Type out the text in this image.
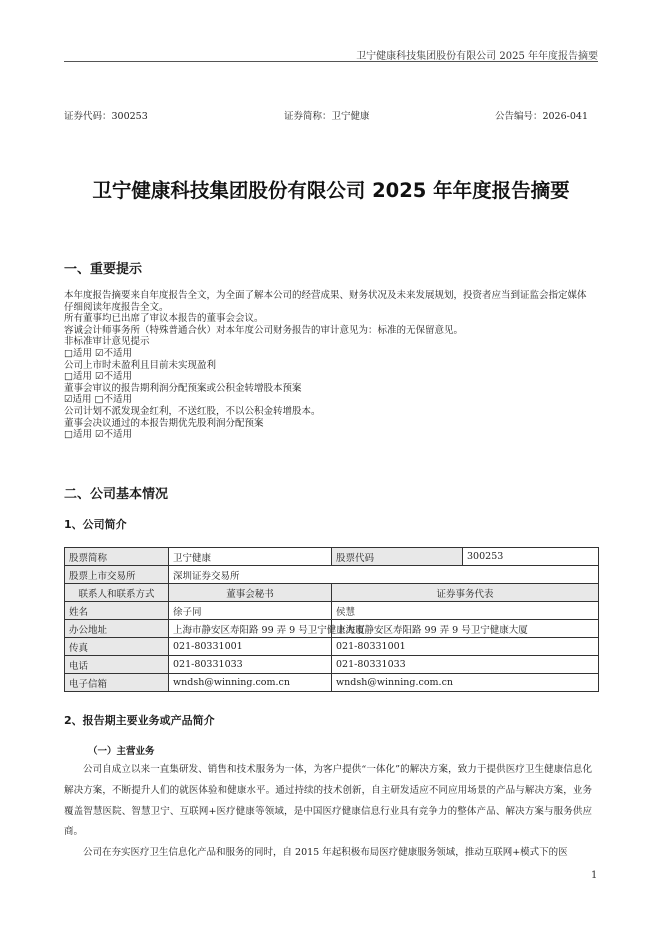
卫宁健康科技集团股份有限公司 2025 年年度报告摘要
证券代码：300253	证券简称：卫宁健康	公告编号：2026-041
卫宁健康科技集团股份有限公司 2025 年年度报告摘要
一、重要提示

本年度报告摘要来自年度报告全文，为全面了解本公司的经营成果、财务状况及未来发展规划，投资者应当到证监会指定媒体仔细阅读年度报告全文。

所有董事均已出席了审议本报告的董事会会议。

容诚会计师事务所（特殊普通合伙）对本年度公司财务报告的审计意见为：标准的无保留意见。

非标准审计意见提示

□适用 ☑不适用

公司上市时未盈利且目前未实现盈利

□适用 ☑不适用

董事会审议的报告期利润分配预案或公积金转增股本预案

☑适用 □不适用

公司计划不派发现金红利，不送红股，不以公积金转增股本。

董事会决议通过的本报告期优先股利润分配预案

□适用 ☑不适用

二、公司基本情况
1、公司简介
股票简称	卫宁健康	股票代码	300253
股票上市交易所	深圳证券交易所		
联系人和联系方式	董事会秘书	证券事务代表	
姓名	徐子同	侯慧	
办公地址	上海市静安区寿阳路 99 弄 9 号卫宁健康大厦	上海市静安区寿阳路 99 弄 9 号卫宁健康大厦	
传真	021-80331001	021-80331001	
电话	021-80331033	021-80331033	
电子信箱	wndsh@winning.com.cn	wndsh@winning.com.cn	
2、报告期主要业务或产品简介
（一）主营业务

公司自成立以来一直集研发、销售和技术服务为一体，为客户提供“一体化”的解决方案，致力于提供医疗卫生健康信息化解决方案，不断提升人们的就医体验和健康水平。通过持续的技术创新，自主研发适应不同应用场景的产品与解决方案，业务覆盖智慧医院、智慧卫宁、互联网+医疗健康等领域，是中国医疗健康信息行业具有竞争力的整体产品、解决方案与服务供应商。

公司在夯实医疗卫生信息化产品和服务的同时，自 2015 年起积极布局医疗健康服务领域，推动互联网+模式下的医

1
